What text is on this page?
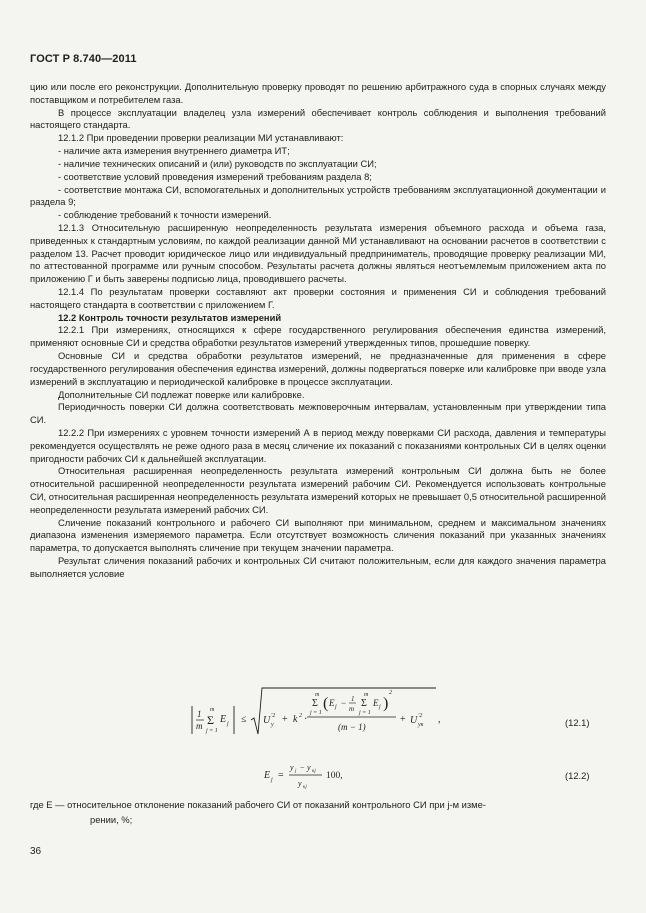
ГОСТ Р 8.740—2011

цию или после его реконструкции. Дополнительную проверку проводят по решению арбитражного суда в спорных случаях между поставщиком и потребителем газа.

В процессе эксплуатации владелец узла измерений обеспечивает контроль соблюдения и выполнения требований настоящего стандарта.

12.1.2 При проведении проверки реализации МИ устанавливают:

- наличие акта измерения внутреннего диаметра ИТ;

- наличие технических описаний и (или) руководств по эксплуатации СИ;

- соответствие условий проведения измерений требованиям раздела 8;

- соответствие монтажа СИ, вспомогательных и дополнительных устройств требованиям эксплуатационной документации и раздела 9;

- соблюдение требований к точности измерений.

12.1.3 Относительную расширенную неопределенность результата измерения объемного расхода и объема газа, приведенных к стандартным условиям, по каждой реализации данной МИ устанавливают на основании расчетов в соответствии с разделом 13. Расчет проводит юридическое лицо или индивидуальный предприниматель, проводящие проверку реализации МИ, по аттестованной программе или ручным способом. Результаты расчета должны являться неотъемлемым приложением акта по приложению Г и быть заверены подписью лица, проводившего расчеты.

12.1.4 По результатам проверки составляют акт проверки состояния и применения СИ и соблюдения требований настоящего стандарта в соответствии с приложением Г.

12.2 Контроль точности результатов измерений

12.2.1 При измерениях, относящихся к сфере государственного регулирования обеспечения единства измерений, применяют основные СИ и средства обработки результатов измерений утвержденных типов, прошедшие поверку.

Основные СИ и средства обработки результатов измерений, не предназначенные для применения в сфере государственного регулирования обеспечения единства измерений, должны подвергаться поверке или калибровке при вводе узла измерений в эксплуатацию и периодической калибровке в процессе эксплуатации.

Дополнительные СИ подлежат поверке или калибровке.

Периодичность поверки СИ должна соответствовать межповерочным интервалам, установленным при утверждении типа СИ.

12.2.2 При измерениях с уровнем точности измерений А в период между поверками СИ расхода, давления и температуры рекомендуется осуществлять не реже одного раза в месяц сличение их показаний с показаниями контрольных СИ в целях оценки пригодности рабочих СИ к дальнейшей эксплуатации.

Относительная расширенная неопределенность результата измерений контрольным СИ должна быть не более относительной расширенной неопределенности результата измерений рабочим СИ. Рекомендуется использовать контрольные СИ, относительная расширенная неопределенность результата измерений которых не превышает 0,5 относительной расширенной неопределенности результата измерений рабочих СИ.

Сличение показаний контрольного и рабочего СИ выполняют при минимальном, среднем и максимальном значениях диапазона изменения измеряемого параметра. Если отсутствует возможность сличения показаний при указанных значениях параметра, то допускается выполнять сличение при текущем значении параметра.

Результат сличения показаний рабочих и контрольных СИ считают положительным, если для каждого значения параметра выполняется условие

1
m
m
Σ
j = 1
E j ≤ U '2
y + k 2 ·
m
Σ
j = 1
( E j − 1
m
m
Σ
j = 1
E j )
2
(m − 1)
+ U '2
yк ,	(12.1)
E j =
y j − y кj
y кj
100,	(12.2)
где E — относительное отклонение показаний рабочего СИ от показаний контрольного СИ при j-м изме-
рении, %;
36
